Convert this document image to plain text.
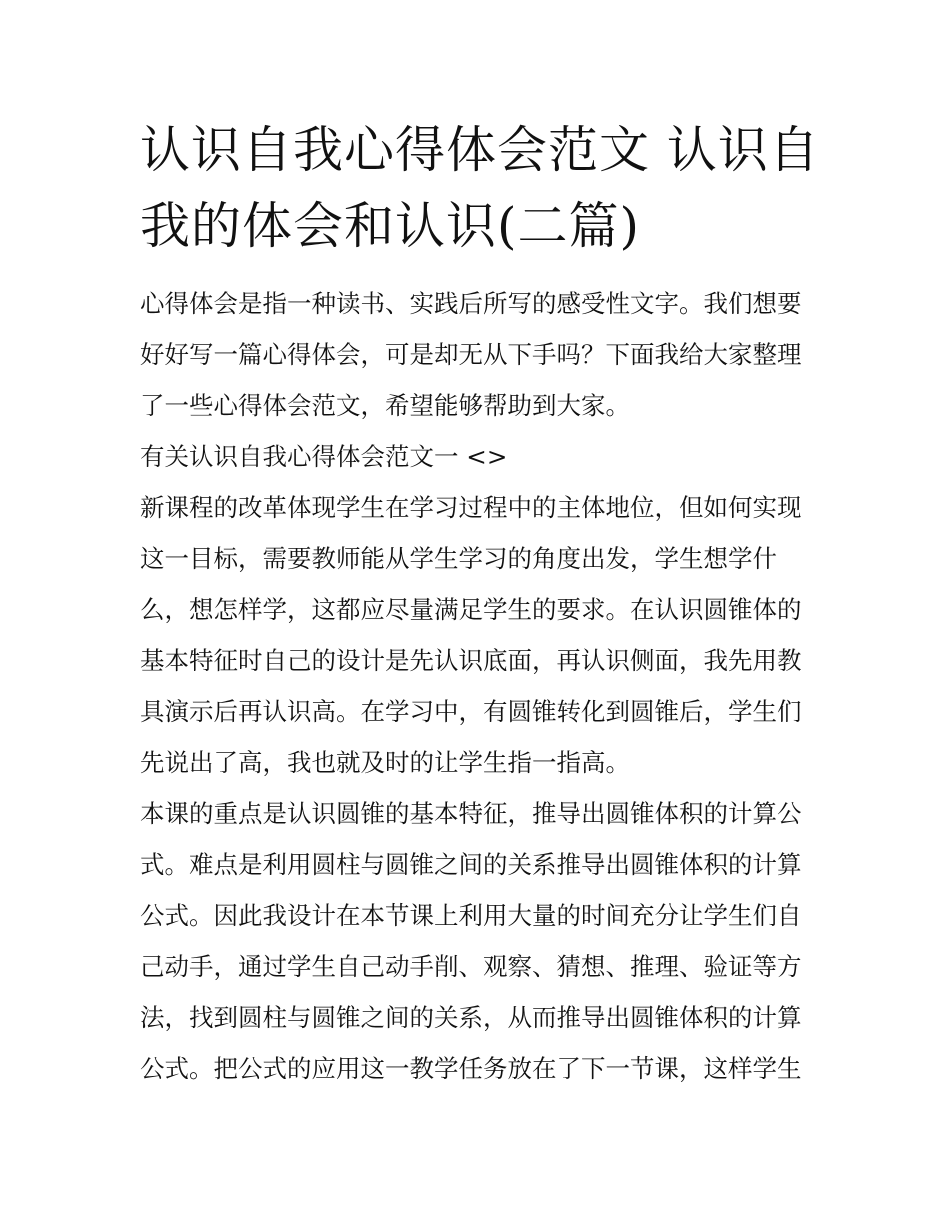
认识自我心得体会范文 认识自
我的体会和认识(二篇)
心得体会是指一种读书、实践后所写的感受性文字。我们想要
好好写一篇心得体会，可是却无从下手吗？下面我给大家整理
了一些心得体会范文，希望能够帮助到大家。
有关认识自我心得体会范文一 <>
新课程的改革体现学生在学习过程中的主体地位，但如何实现
这一目标，需要教师能从学生学习的角度出发，学生想学什
么，想怎样学，这都应尽量满足学生的要求。在认识圆锥体的
基本特征时自己的设计是先认识底面，再认识侧面，我先用教
具演示后再认识高。在学习中，有圆锥转化到圆锥后，学生们
先说出了高，我也就及时的让学生指一指高。
本课的重点是认识圆锥的基本特征，推导出圆锥体积的计算公
式。难点是利用圆柱与圆锥之间的关系推导出圆锥体积的计算
公式。因此我设计在本节课上利用大量的时间充分让学生们自
己动手，通过学生自己动手削、观察、猜想、推理、验证等方
法，找到圆柱与圆锥之间的关系，从而推导出圆锥体积的计算
公式。把公式的应用这一教学任务放在了下一节课，这样学生
